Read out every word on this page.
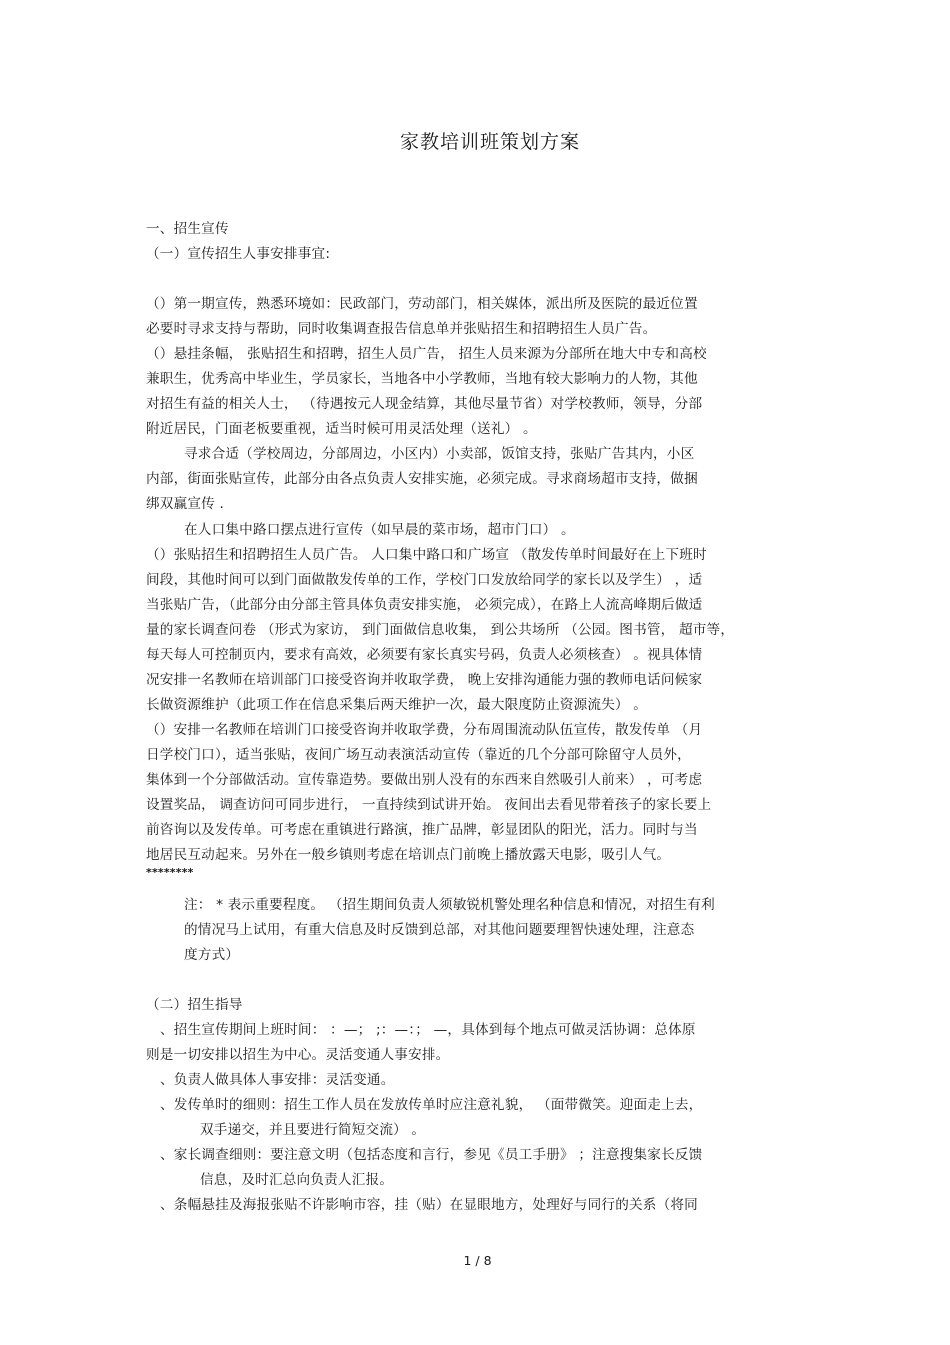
家教培训班策划方案
一、招生宣传
（一）宣传招生人事安排事宜:
（）第一期宣传，熟悉环境如：民政部门，劳动部门，相关媒体，派出所及医院的最近位置
必要时寻求支持与帮助，同时收集调查报告信息单并张贴招生和招聘招生人员广告。
（）悬挂条幅， 张贴招生和招聘，招生人员广告， 招生人员来源为分部所在地大中专和高校
兼职生，优秀高中毕业生，学员家长，当地各中小学教师，当地有较大影响力的人物，其他
对招生有益的相关人士， （待遇按元人现金结算，其他尽量节省）对学校教师，领导，分部
附近居民，门面老板要重视，适当时候可用灵活处理（送礼） 。
寻求合适（学校周边，分部周边，小区内）小卖部，饭馆支持，张贴广告其内，小区
内部，街面张贴宣传，此部分由各点负责人安排实施，必须完成。寻求商场超市支持，做捆
绑双赢宣传 .
在人口集中路口摆点进行宣传（如早晨的菜市场，超市门口） 。
（）张贴招生和招聘招生人员广告。 人口集中路口和广场宣 （散发传单时间最好在上下班时
间段，其他时间可以到门面做散发传单的工作，学校门口发放给同学的家长以及学生） ，适
当张贴广告，（此部分由分部主管具体负责安排实施， 必须完成），在路上人流高峰期后做适
量的家长调查问卷 （形式为家访， 到门面做信息收集， 到公共场所 （公园。图书管， 超市等，
每天每人可控制页内，要求有高效，必须要有家长真实号码，负责人必须核查） 。视具体情
况安排一名教师在培训部门口接受咨询并收取学费， 晚上安排沟通能力强的教师电话问候家
长做资源维护（此项工作在信息采集后两天维护一次，最大限度防止资源流失） 。
（）安排一名教师在培训门口接受咨询并收取学费，分布周围流动队伍宣传，散发传单 （月
日学校门口），适当张贴，夜间广场互动表演活动宣传（靠近的几个分部可除留守人员外，
集体到一个分部做活动。宣传靠造势。要做出别人没有的东西来自然吸引人前来） ，可考虑
设置奖品， 调查访问可同步进行， 一直持续到试讲开始。 夜间出去看见带着孩子的家长要上
前咨询以及发传单。可考虑在重镇进行路演，推广品牌，彰显团队的阳光，活力。同时与当
地居民互动起来。另外在一般乡镇则考虑在培训点门前晚上播放露天电影，吸引人气。
********
注： * 表示重要程度。 （招生期间负责人须敏锐机警处理名种信息和情况，对招生有利
的情况马上试用，有重大信息及时反馈到总部，对其他问题要理智快速处理，注意态
度方式）
（二）招生指导
、招生宣传期间上班时间： ：—； ;：—：； —，具体到每个地点可做灵活协调：总体原
则是一切安排以招生为中心。灵活变通人事安排。
、负责人做具体人事安排：灵活变通。
、发传单时的细则：招生工作人员在发放传单时应注意礼貌， （面带微笑。迎面走上去，
双手递交，并且要进行简短交流） 。
、家长调查细则：要注意文明（包括态度和言行，参见《员工手册》 ；注意搜集家长反馈
信息，及时汇总向负责人汇报。
、条幅悬挂及海报张贴不许影响市容，挂（贴）在显眼地方，处理好与同行的关系（将同
1 / 8
